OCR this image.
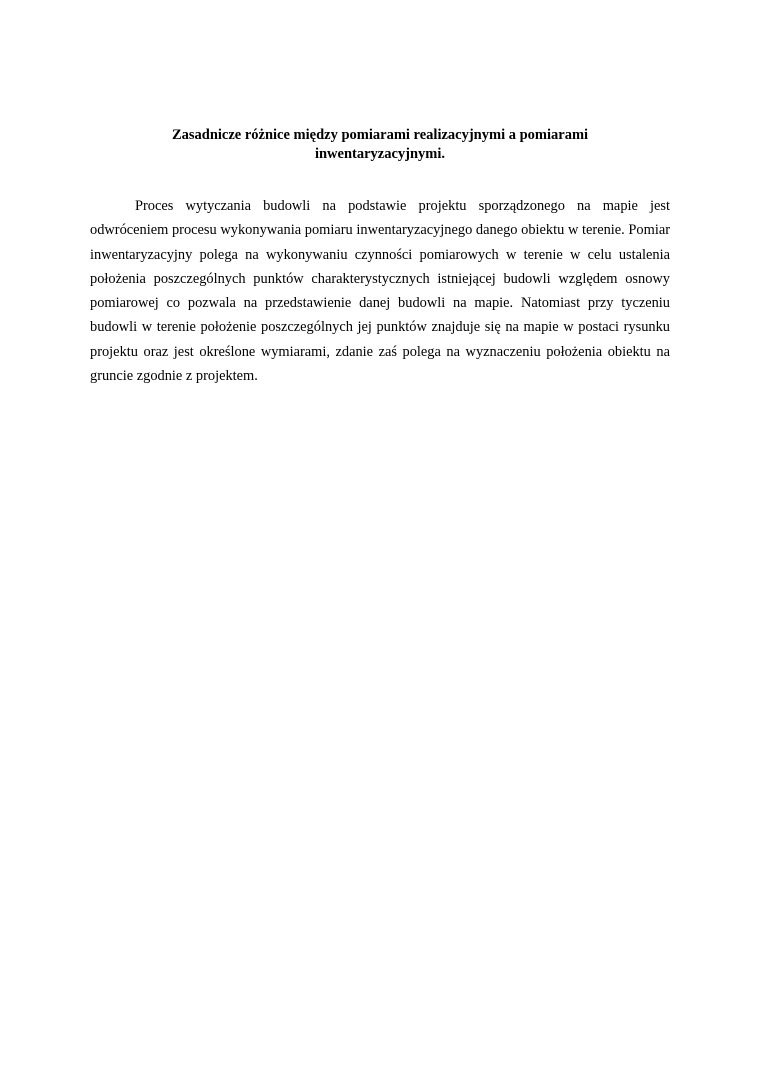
Zasadnicze różnice między pomiarami realizacyjnymi a pomiarami
inwentaryzacyjnymi.

Proces wytyczania budowli na podstawie projektu sporządzonego na mapie jest odwróceniem procesu wykonywania pomiaru inwentaryzacyjnego danego obiektu w terenie. Pomiar inwentaryzacyjny polega na wykonywaniu czynności pomiarowych w terenie w celu ustalenia położenia poszczególnych punktów charakterystycznych istniejącej budowli względem osnowy pomiarowej co pozwala na przedstawienie danej budowli na mapie. Natomiast przy tyczeniu budowli w terenie położenie poszczególnych jej punktów znajduje się na mapie w postaci rysunku projektu oraz jest określone wymiarami, zdanie zaś polega na wyznaczeniu położenia obiektu na gruncie zgodnie z projektem.
